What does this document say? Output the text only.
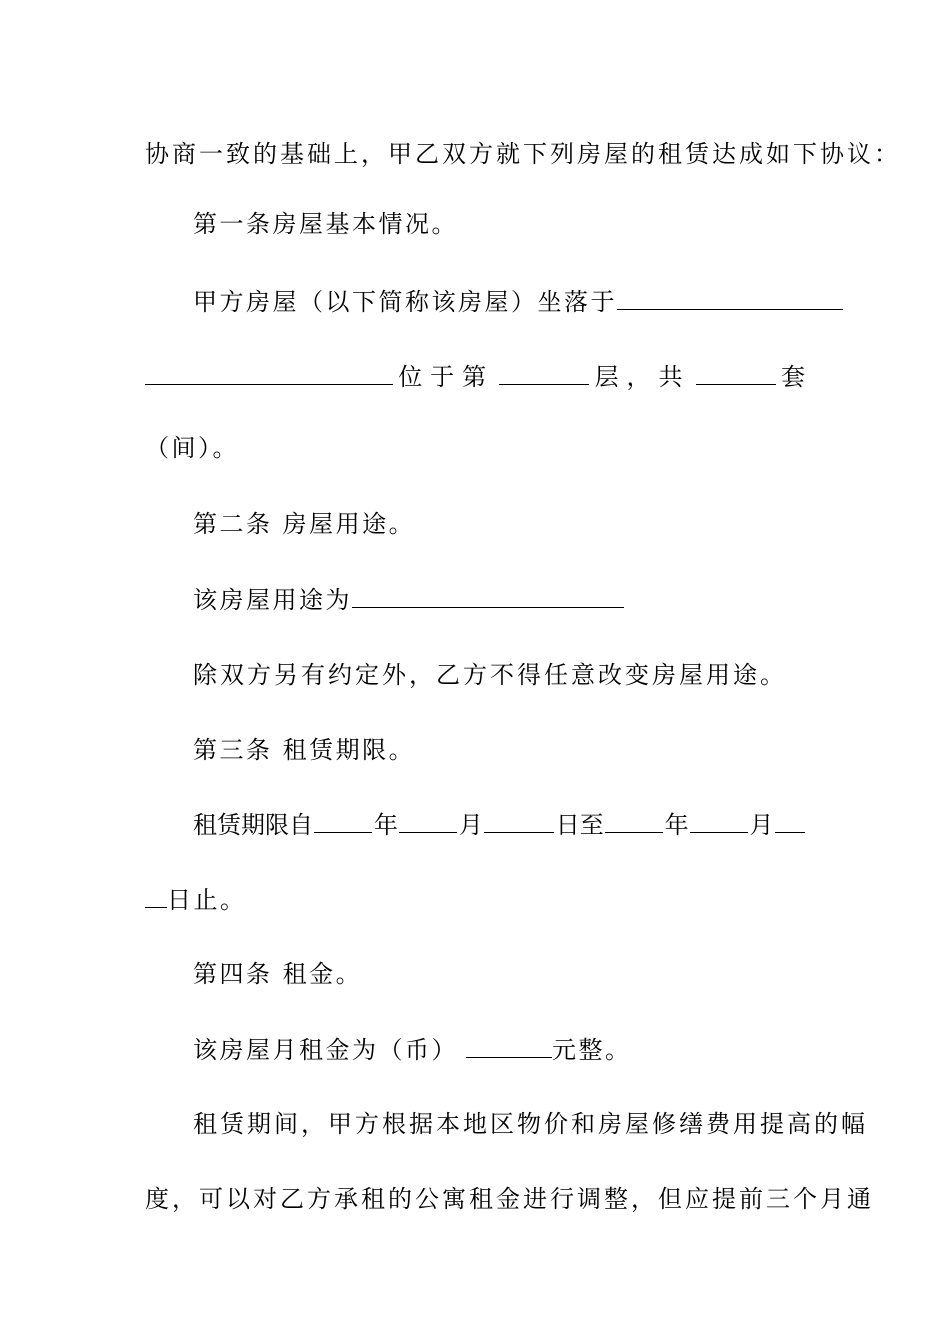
协商一致的基础上，甲乙双方就下列房屋的租赁达成如下协议：
第一条房屋基本情况。
甲方房屋（以下简称该房屋）坐落于
位于第	层，共	套
（间）。
第二条 房屋用途。
该房屋用途为
除双方另有约定外，乙方不得任意改变房屋用途。
第三条 租赁期限。
租赁期限自	年	月	日至	年	月
日止。
第四条 租金。
该房屋月租金为（币）	元整。
租赁期间，甲方根据本地区物价和房屋修缮费用提高的幅
度，可以对乙方承租的公寓租金进行调整，但应提前三个月通
